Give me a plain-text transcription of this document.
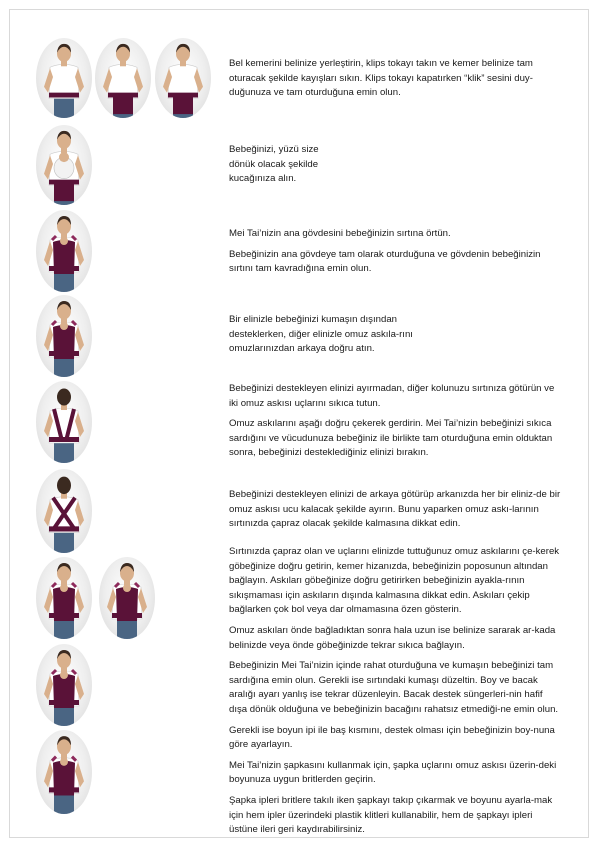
Bel kemerini belinize yerleştirin, klips tokayı takın ve kemer belinize tam oturacak şekilde kayışları sıkın. Klips tokayı kapatırken “klik” sesini duy-duğunuza ve tam oturduğuna emin olun.

Bebeğinizi, yüzü size dönük olacak şekilde kucağınıza alın.

Mei Tai’nizin ana gövdesini bebeğinizin sırtına örtün.

Bebeğinizin ana gövdeye tam olarak oturduğuna ve gövdenin bebeğinizin sırtını tam kavradığına emin olun.

Bir elinizle bebeğinizi kumaşın dışından desteklerken, diğer elinizle omuz askıla-rını omuzlarınızdan arkaya doğru atın.

Bebeğinizi destekleyen elinizi ayırmadan, diğer kolunuzu sırtınıza götürün ve iki omuz askısı uçlarını sıkıca tutun.

Omuz askılarını aşağı doğru çekerek gerdirin. Mei Tai’nizin bebeğinizi sıkıca sardığını ve vücudunuza bebeğiniz ile birlikte tam oturduğuna emin olduktan sonra, bebeğinizi desteklediğiniz elinizi bırakın.

Bebeğinizi destekleyen elinizi de arkaya götürüp arkanızda her bir eliniz-de bir omuz askısı ucu kalacak şekilde ayırın. Bunu yaparken omuz askı-larının sırtınızda çapraz olacak şekilde kalmasına dikkat edin.

Sırtınızda çapraz olan ve uçlarını elinizde tuttuğunuz omuz askılarını çe-kerek göbeğinize doğru getirin, kemer hizanızda, bebeğinizin poposunun altından bağlayın. Askıları göbeğinize doğru getirirken bebeğinizin ayakla-rının sıkışmaması için askıların dışında kalmasına dikkat edin. Askıları çekip bağlarken çok bol veya dar olmamasına özen gösterin.

Omuz askıları önde bağladıktan sonra hala uzun ise belinize sararak ar-kada belinizde veya önde göbeğinizde tekrar sıkıca bağlayın.

Bebeğinizin Mei Tai’nizin içinde rahat oturduğuna ve kumaşın bebeğinizi tam sardığına emin olun. Gerekli ise sırtındaki kumaşı düzeltin. Boy ve bacak aralığı ayarı yanlış ise tekrar düzenleyin. Bacak destek süngerleri-nin hafif dışa dönük olduğuna ve bebeğinizin bacağını rahatsız etmediği-ne emin olun.

Gerekli ise boyun ipi ile baş kısmını, destek olması için bebeğinizin boy-nuna göre ayarlayın.

Mei Tai’nizin şapkasını kullanmak için, şapka uçlarını omuz askısı üzerin-deki boyunuza uygun britlerden geçirin.

Şapka ipleri britlere takılı iken şapkayı takıp çıkarmak ve boyunu ayarla-mak için hem ipler üzerindeki plastik klitleri kullanabilir, hem de şapkayı ipleri üstüne ileri geri kaydırabilirsiniz.
